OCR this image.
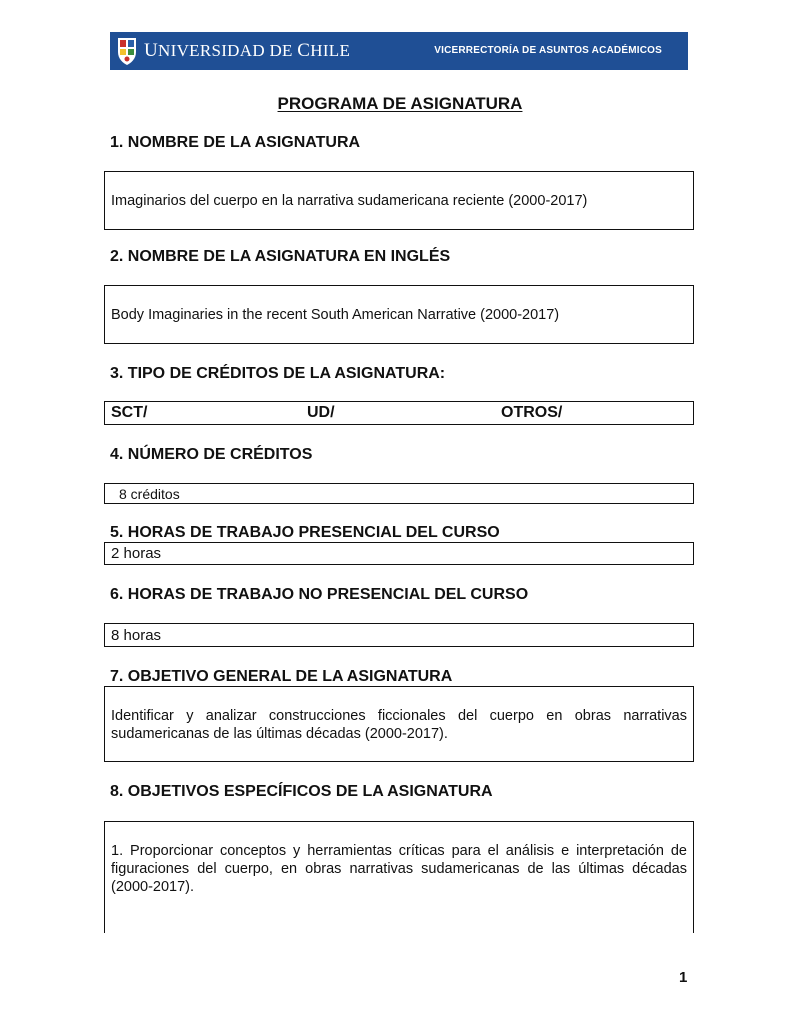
UNIVERSIDAD DE CHILE	VICERRECTORÍA DE ASUNTOS ACADÉMICOS
PROGRAMA DE ASIGNATURA
1. NOMBRE DE LA ASIGNATURA
Imaginarios del cuerpo en la narrativa sudamericana reciente (2000-2017)
2. NOMBRE DE LA ASIGNATURA EN INGLÉS
Body Imaginaries in the recent South American Narrative (2000-2017)
3. TIPO DE CRÉDITOS DE LA ASIGNATURA:
SCT/	UD/	OTROS/
4. NÚMERO DE CRÉDITOS
8 créditos
5. HORAS DE TRABAJO PRESENCIAL DEL CURSO
2 horas
6. HORAS DE TRABAJO NO PRESENCIAL DEL CURSO
8 horas
7. OBJETIVO GENERAL DE LA ASIGNATURA
Identificar y analizar construcciones ficcionales del cuerpo en obras narrativas sudamericanas de las últimas décadas (2000-2017).
8. OBJETIVOS ESPECÍFICOS DE LA ASIGNATURA
1. Proporcionar conceptos y herramientas críticas para el análisis e interpretación de figuraciones del cuerpo, en obras narrativas sudamericanas de las últimas décadas (2000-2017).
1
